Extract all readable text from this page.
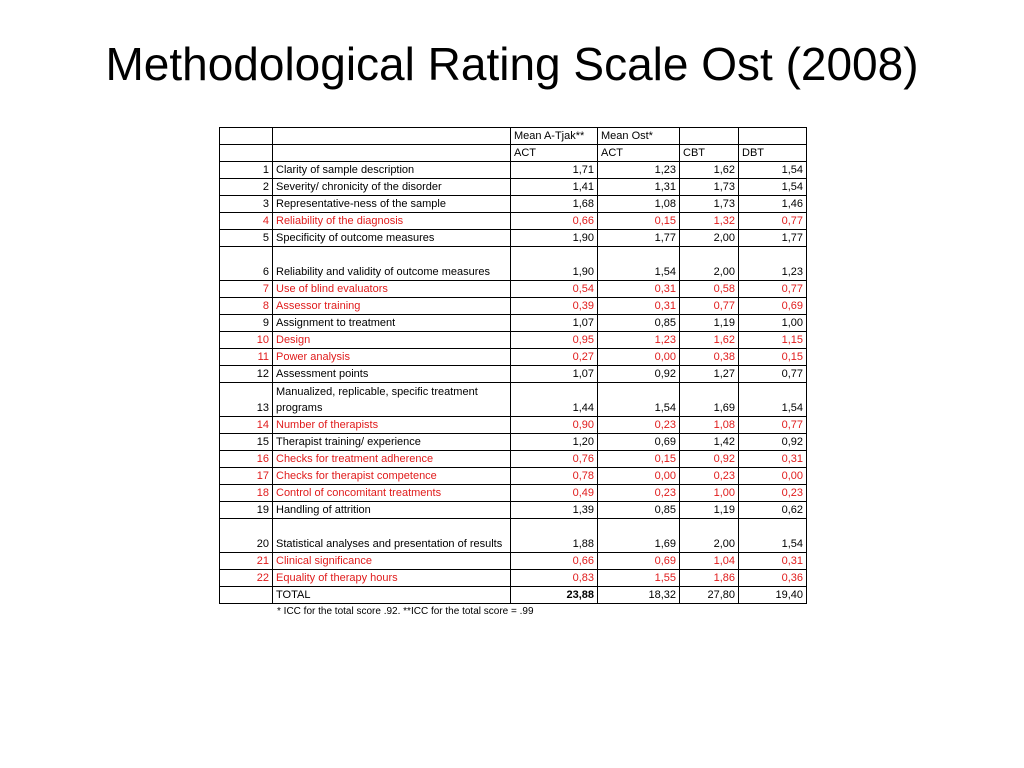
Methodological Rating Scale Ost (2008)
		Mean A-Tjak**	Mean Ost*		
		ACT	ACT	CBT	DBT
1	Clarity of sample description	1,71	1,23	1,62	1,54
2	Severity/ chronicity of the disorder	1,41	1,31	1,73	1,54
3	Representative-ness of the sample	1,68	1,08	1,73	1,46
4	Reliability of the diagnosis	0,66	0,15	1,32	0,77
5	Specificity of outcome measures	1,90	1,77	2,00	1,77
6	Reliability and validity of outcome measures	1,90	1,54	2,00	1,23
7	Use of blind evaluators	0,54	0,31	0,58	0,77
8	Assessor training	0,39	0,31	0,77	0,69
9	Assignment to treatment	1,07	0,85	1,19	1,00
10	Design	0,95	1,23	1,62	1,15
11	Power analysis	0,27	0,00	0,38	0,15
12	Assessment points	1,07	0,92	1,27	0,77
13	Manualized, replicable, specific treatment programs	1,44	1,54	1,69	1,54
14	Number of therapists	0,90	0,23	1,08	0,77
15	Therapist training/ experience	1,20	0,69	1,42	0,92
16	Checks for treatment adherence	0,76	0,15	0,92	0,31
17	Checks for therapist competence	0,78	0,00	0,23	0,00
18	Control of concomitant treatments	0,49	0,23	1,00	0,23
19	Handling of attrition	1,39	0,85	1,19	0,62
20	Statistical analyses and presentation of results	1,88	1,69	2,00	1,54
21	Clinical significance	0,66	0,69	1,04	0,31
22	Equality of therapy hours	0,83	1,55	1,86	0,36
	TOTAL	23,88	18,32	27,80	19,40
* ICC for the total score .92. **ICC for the total score = .99
